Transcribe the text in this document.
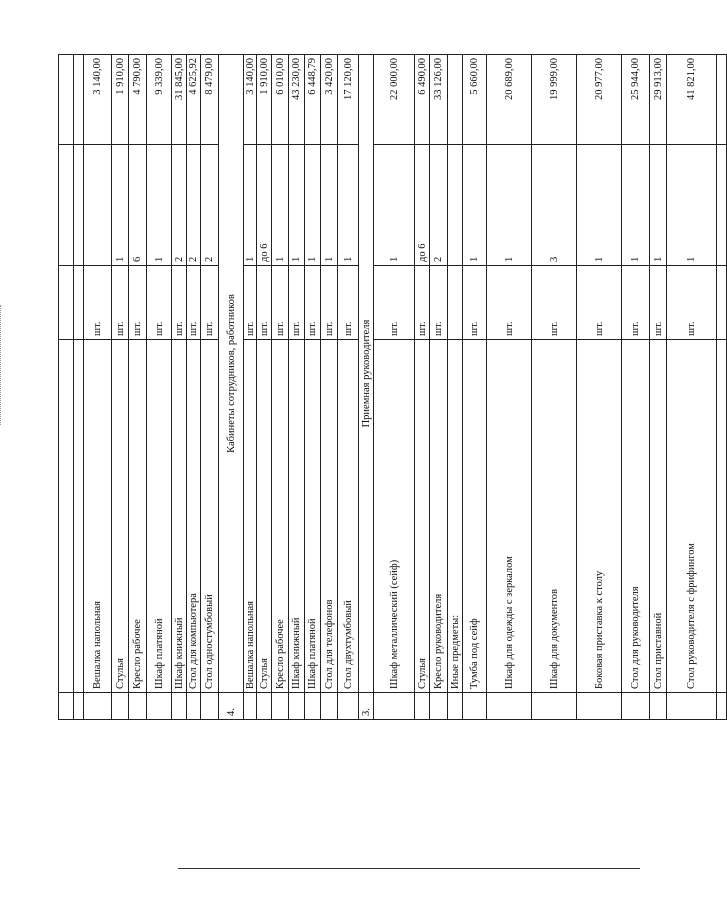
	Вешалка напольная	шт.		3 140,00
	Стулья	шт.	1	1 910,00
	Кресло рабочее	шт.	6	4 790,00
	Шкаф платяной	шт.	1	9 339,00
	Шкаф книжный	шт.	2	31 845,00
	Стол для компьютера	шт.	2	4 625,92
	Стол одностумбовый	шт.	2	8 479,00
4.	Кабинеты сотрудников, работников			
	Вешалка напольная	шт.	1	3 140,00
	Стулья	шт.	до 6	1 910,00
	Кресло рабочее	шт.	1	6 010,00
	Шкаф книжный	шт.	1	43 230,00
	Шкаф платяной	шт.	1	6 448,79
	Стол для телефонов	шт.	1	3 420,00
	Стол двухтумбовый	шт.	1	17 120,00
3.	Приемная руководителя			
	Шкаф металлический (сейф)	шт.	1	22 000,00
	Стулья	шт.	до 6	6 490,00
	Кресло руководителя	шт.	2	33 126,00
	Иные предметы:			
	Тумба под сейф	шт.	1	5 660,00
	Шкаф для одежды с зеркалом	шт.	1	20 689,00
	Шкаф для документов	шт.	3	19 999,00
	Боковая приставка к столу	шт.	1	20 977,00
	Стол для руководителя	шт.	1	25 944,00
	Стол приставной	шт.	1	29 913,00
	Стол руководителя с фрифингом	шт.	1	41 821,00
